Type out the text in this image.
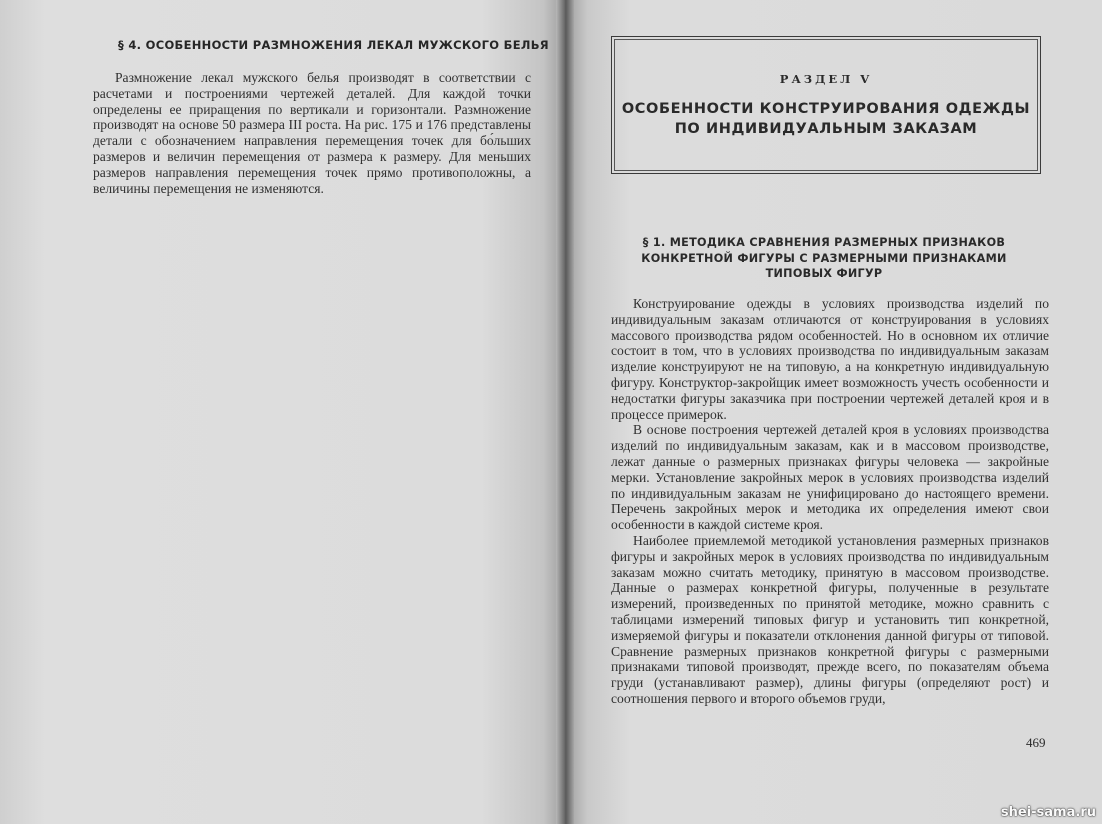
§ 4. ОСОБЕННОСТИ РАЗМНОЖЕНИЯ ЛЕКАЛ МУЖСКОГО БЕЛЬЯ

Размножение лекал мужского белья производят в соответствии с расчетами и построениями чертежей деталей. Для каждой точки определены ее приращения по вертикали и горизонтали. Размножение производят на основе 50 размера III роста. На рис. 175 и 176 представлены детали с обозначением направления перемещения точек для бо́льших размеров и величин перемещения от размера к размеру. Для меньших размеров направления перемещения точек прямо противоположны, а величины перемещения не изменяются.

РАЗДЕЛ V
ОСОБЕННОСТИ КОНСТРУИРОВАНИЯ ОДЕЖДЫ
ПО ИНДИВИДУАЛЬНЫМ ЗАКАЗАМ
§ 1. МЕТОДИКА СРАВНЕНИЯ РАЗМЕРНЫХ ПРИЗНАКОВ
КОНКРЕТНОЙ ФИГУРЫ С РАЗМЕРНЫМИ ПРИЗНАКАМИ
ТИПОВЫХ ФИГУР

Конструирование одежды в условиях производства изделий по индивидуальным заказам отличаются от конструирования в условиях массового производства рядом особенностей. Но в основном их отличие состоит в том, что в условиях производства по индивидуальным заказам изделие конструируют не на типовую, а на конкретную индивидуальную фигуру. Конструктор-закройщик имеет возможность учесть особенности и недостатки фигуры заказчика при построении чертежей деталей кроя и в процессе примерок.

В основе построения чертежей деталей кроя в условиях производства изделий по индивидуальным заказам, как и в массовом производстве, лежат данные о размерных признаках фигуры человека — закройные мерки. Установление закройных мерок в условиях производства изделий по индивидуальным заказам не унифицировано до настоящего времени. Перечень закройных мерок и методика их определения имеют свои особенности в каждой системе кроя.

Наиболее приемлемой методикой установления размерных признаков фигуры и закройных мерок в условиях производства по индивидуальным заказам можно считать методику, принятую в массовом производстве. Данные о размерах конкретной фигуры, полученные в результате измерений, произведенных по принятой методике, можно сравнить с таблицами измерений типовых фигур и установить тип конкретной, измеряемой фигуры и показатели отклонения данной фигуры от типовой. Сравнение размерных признаков конкретной фигуры с размерными признаками типовой производят, прежде всего, по показателям объема груди (устанавливают размер), длины фигуры (определяют рост) и соотношения первого и второго объемов груди,

469
shei-sama.ru
